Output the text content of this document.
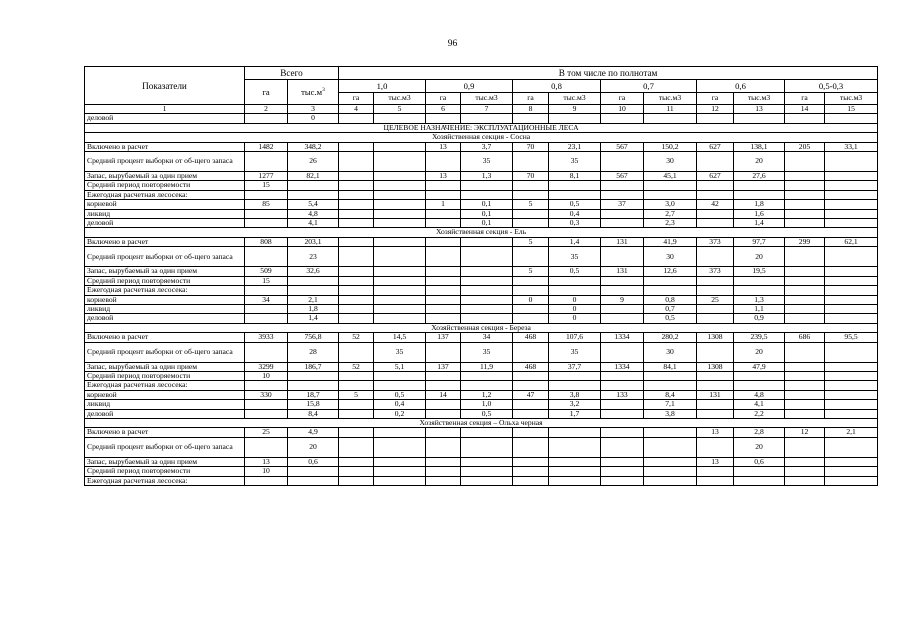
96
Показатели	Всего		В том числе по полнотам											
	га	$тыс.м^3$	1,0		0,9		0,8		0,7		0,6		0,5-0,3	
			га	тыс.м3	га	тыс.м3	га	тыс.м3	га	тыс.м3	га	тыс.м3	га	тыс.м3
1	2	3	4	5	6	7	8	9	10	11	12	13	14	15
деловой		0												
ЦЕЛЕВОЕ НАЗНАЧЕНИЕ: ЭКСПЛУАТАЦИОННЫЕ ЛЕСА														
Хозяйственная секция - Сосна														
Включено в расчет	1482	348,2			13	3,7	70	23,1	567	150,2	627	138,1	205	33,1
Средний процент выборки от об-щего запаса		26				35		35		30		20		
Запас, вырубаемый за один прием	1277	82,1			13	1,3	70	8,1	567	45,1	627	27,6		
Средний период повторяемости	15													
Ежегодная расчетная лесосека:														
корневой	85	5,4			1	0,1	5	0,5	37	3,0	42	1,8		
ликвид		4,8				0,1		0,4		2,7		1,6		
деловой		4,1				0,1		0,3		2,3		1,4		
Хозяйственная секция - Ель														
Включено в расчет	808	203,1					5	1,4	131	41,9	373	97,7	299	62,1
Средний процент выборки от об-щего запаса		23						35		30		20		
Запас, вырубаемый за один прием	509	32,6					5	0,5	131	12,6	373	19,5		
Средний период повторяемости	15													
Ежегодная расчетная лесосека:														
корневой	34	2,1					0	0	9	0,8	25	1,3		
ликвид		1,8						0		0,7		1,1		
деловой		1,4						0		0,5		0,9		
Хозяйственная секция - Береза														
Включено в расчет	3933	756,8	52	14,5	137	34	468	107,6	1334	280,2	1308	239,5	686	95,5
Средний процент выборки от об-щего запаса		28		35		35		35		30		20		
Запас, вырубаемый за один прием	3299	186,7	52	5,1	137	11,9	468	37,7	1334	84,1	1308	47,9		
Средний период повторяемости	10													
Ежегодная расчетная лесосека:														
корневой	330	18,7	5	0,5	14	1,2	47	3,8	133	8,4	131	4,8		
ликвид		15,8		0,4		1,0		3,2		7,1		4,1		
деловой		8,4		0,2		0,5		1,7		3,8		2,2		
Хозяйственная секция – Ольха черная														
Включено в расчет	25	4,9									13	2,8	12	2,1
Средний процент выборки от об-щего запаса		20										20		
Запас, вырубаемый за один прием	13	0,6									13	0,6		
Средний период повторяемости	10													
Ежегодная расчетная лесосека:														
